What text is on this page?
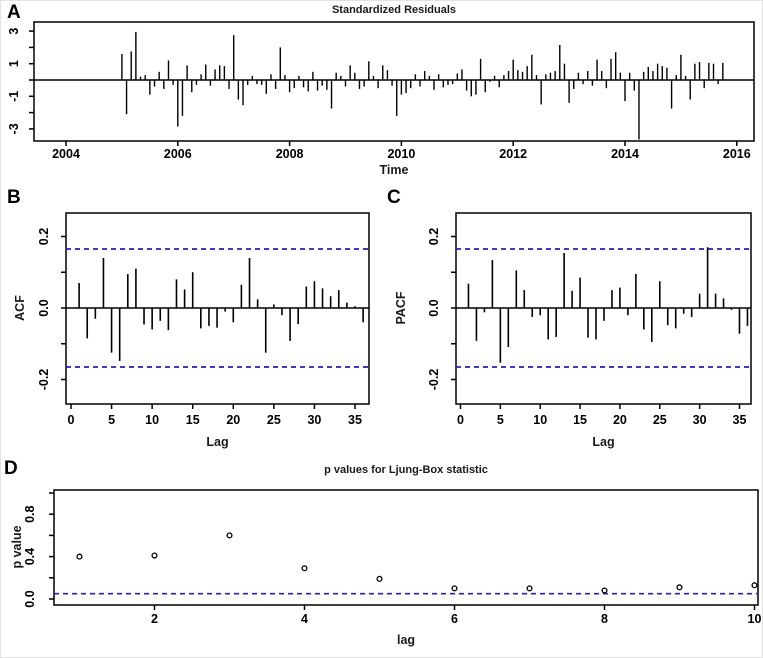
2004	2006	2008	2010	2012	2014	2016
3
1
-1
-3
0	5 10 15 20 25 30 35
0.2
0.0
-0.2
0	5 10 15 20 25 30 35
0.2
0.0
-0.2
2	4	6	8	10
0.0
0.4
0.8
A
B	C
D
Standardized Residuals
p values for Ljung-Box statistic
Time
Lag	Lag
lag
ACF	PACF
p value
